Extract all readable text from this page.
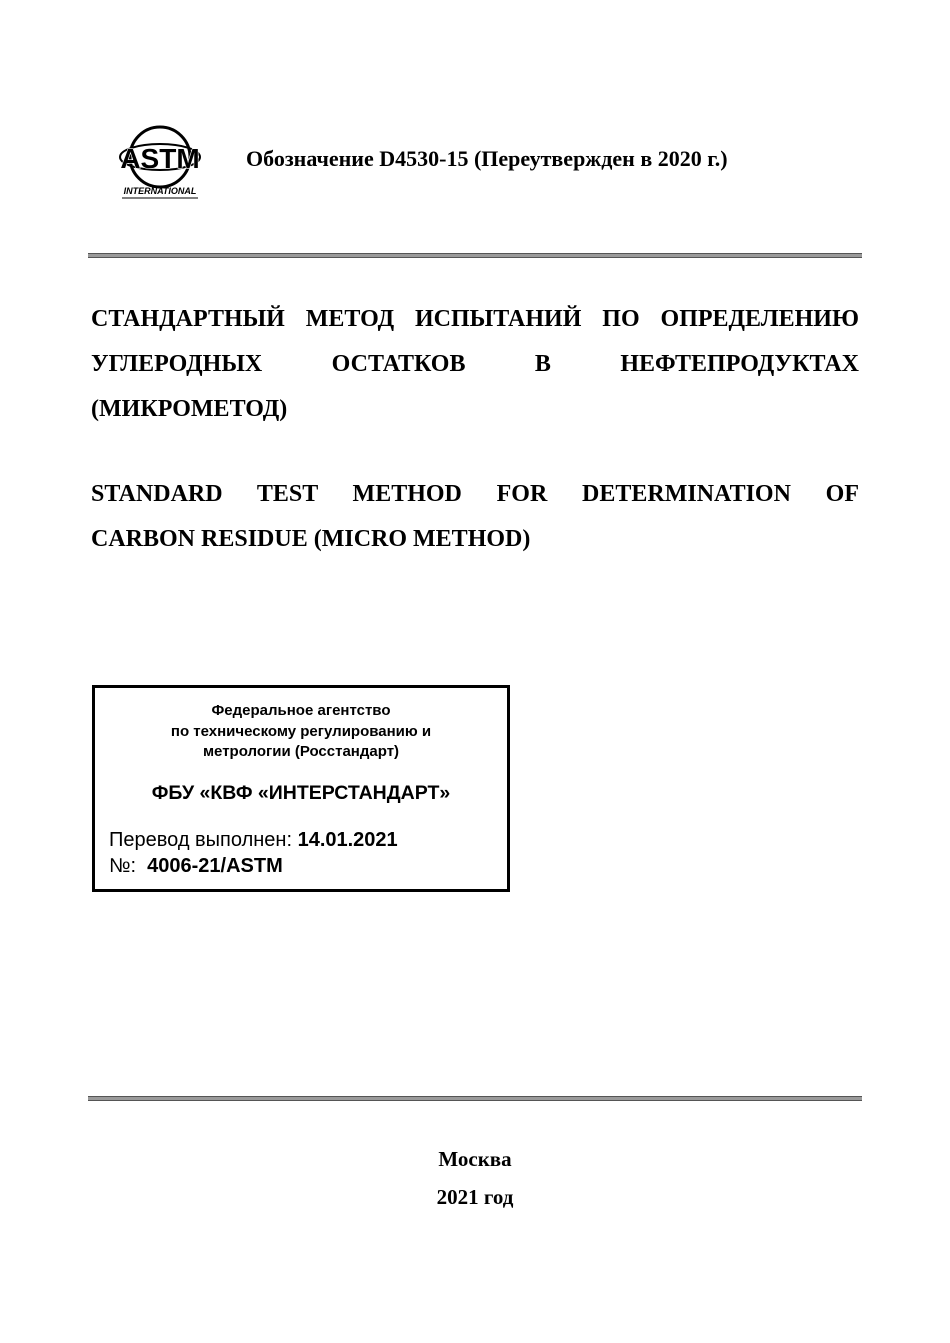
ASTM
INTERNATIONAL
Обозначение D4530-15 (Переутвержден в 2020 г.)
СТАНДАРТНЫЙ МЕТОД ИСПЫТАНИЙ ПО ОПРЕДЕЛЕНИЮ
УГЛЕРОДНЫХ ОСТАТКОВ В НЕФТЕПРОДУКТАХ
(МИКРОМЕТОД)
STANDARD TEST METHOD FOR DETERMINATION OF
CARBON RESIDUE (MICRO METHOD)
Федеральное агентство
по техническому регулированию и
метрологии (Росстандарт)
ФБУ «КВФ «ИНТЕРСТАНДАРТ»
Перевод выполнен: 14.01.2021
№: 4006-21/ASTM
Москва
2021 год
